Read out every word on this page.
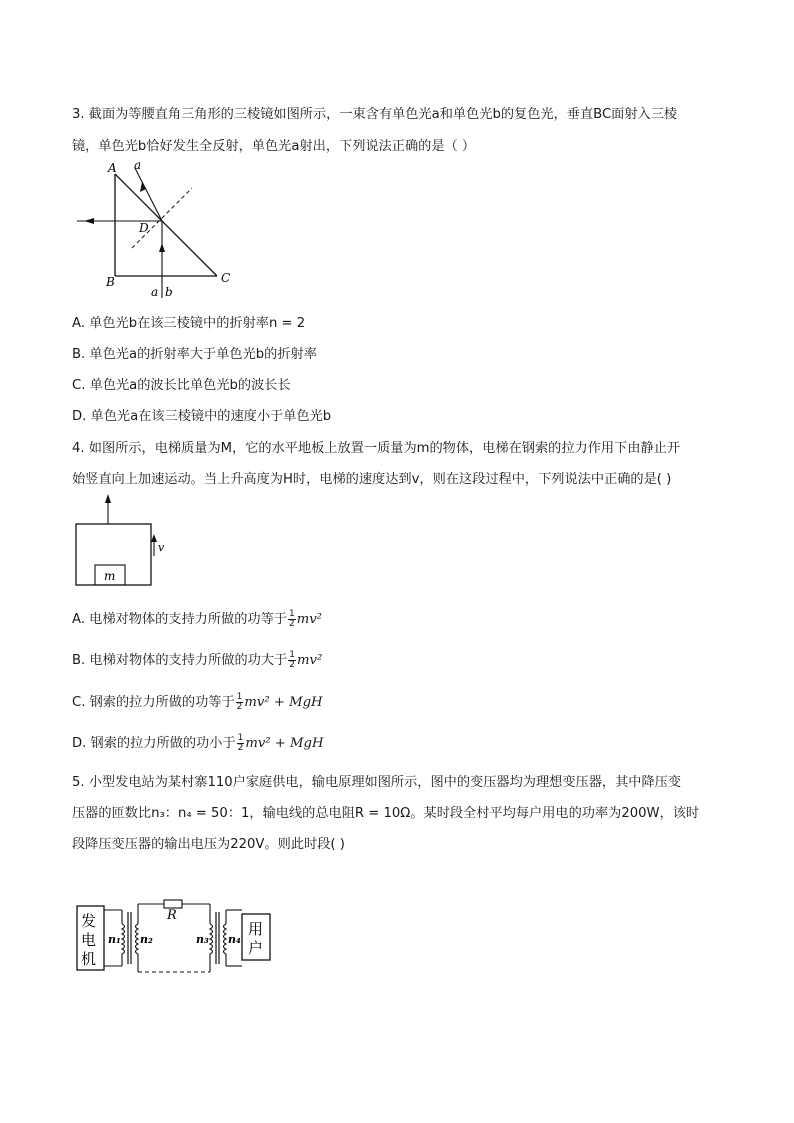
3. 截面为等腰直角三角形的三棱镜如图所示，一束含有单色光a和单色光b的复色光，垂直BC面射入三棱
镜，单色光b恰好发生全反射，单色光a射出，下列说法正确的是（ ）
A
B	C
D
a
a b
A. 单色光b在该三棱镜中的折射率n = 2
B. 单色光a的折射率大于单色光b的折射率
C. 单色光a的波长比单色光b的波长长
D. 单色光a在该三棱镜中的速度小于单色光b
4. 如图所示，电梯质量为M，它的水平地板上放置一质量为m的物体，电梯在钢索的拉力作用下由静止开
始竖直向上加速运动。当上升高度为H时，电梯的速度达到v，则在这段过程中，下列说法中正确的是( )
m
v
A. 电梯对物体的支持力所做的功等于 $\frac{1}{2} mv^2$
B. 电梯对物体的支持力所做的功大于 $\frac{1}{2} mv^2$
C. 钢索的拉力所做的功等于 $\frac{1}{2} mv^2$ + MgH
D. 钢索的拉力所做的功小于 $\frac{1}{2} mv^2$ + MgH
5. 小型发电站为某村寨110户家庭供电，输电原理如图所示，图中的变压器均为理想变压器，其中降压变
压器的匝数比n₃：n₄ = 50：1，输电线的总电阻R = 10Ω。某时段全村平均每户用电的功率为200W，该时
段降压变压器的输出电压为220V。则此时段( )
发
电
机
用
户
R
n₁ n₂	n₃ n₄
